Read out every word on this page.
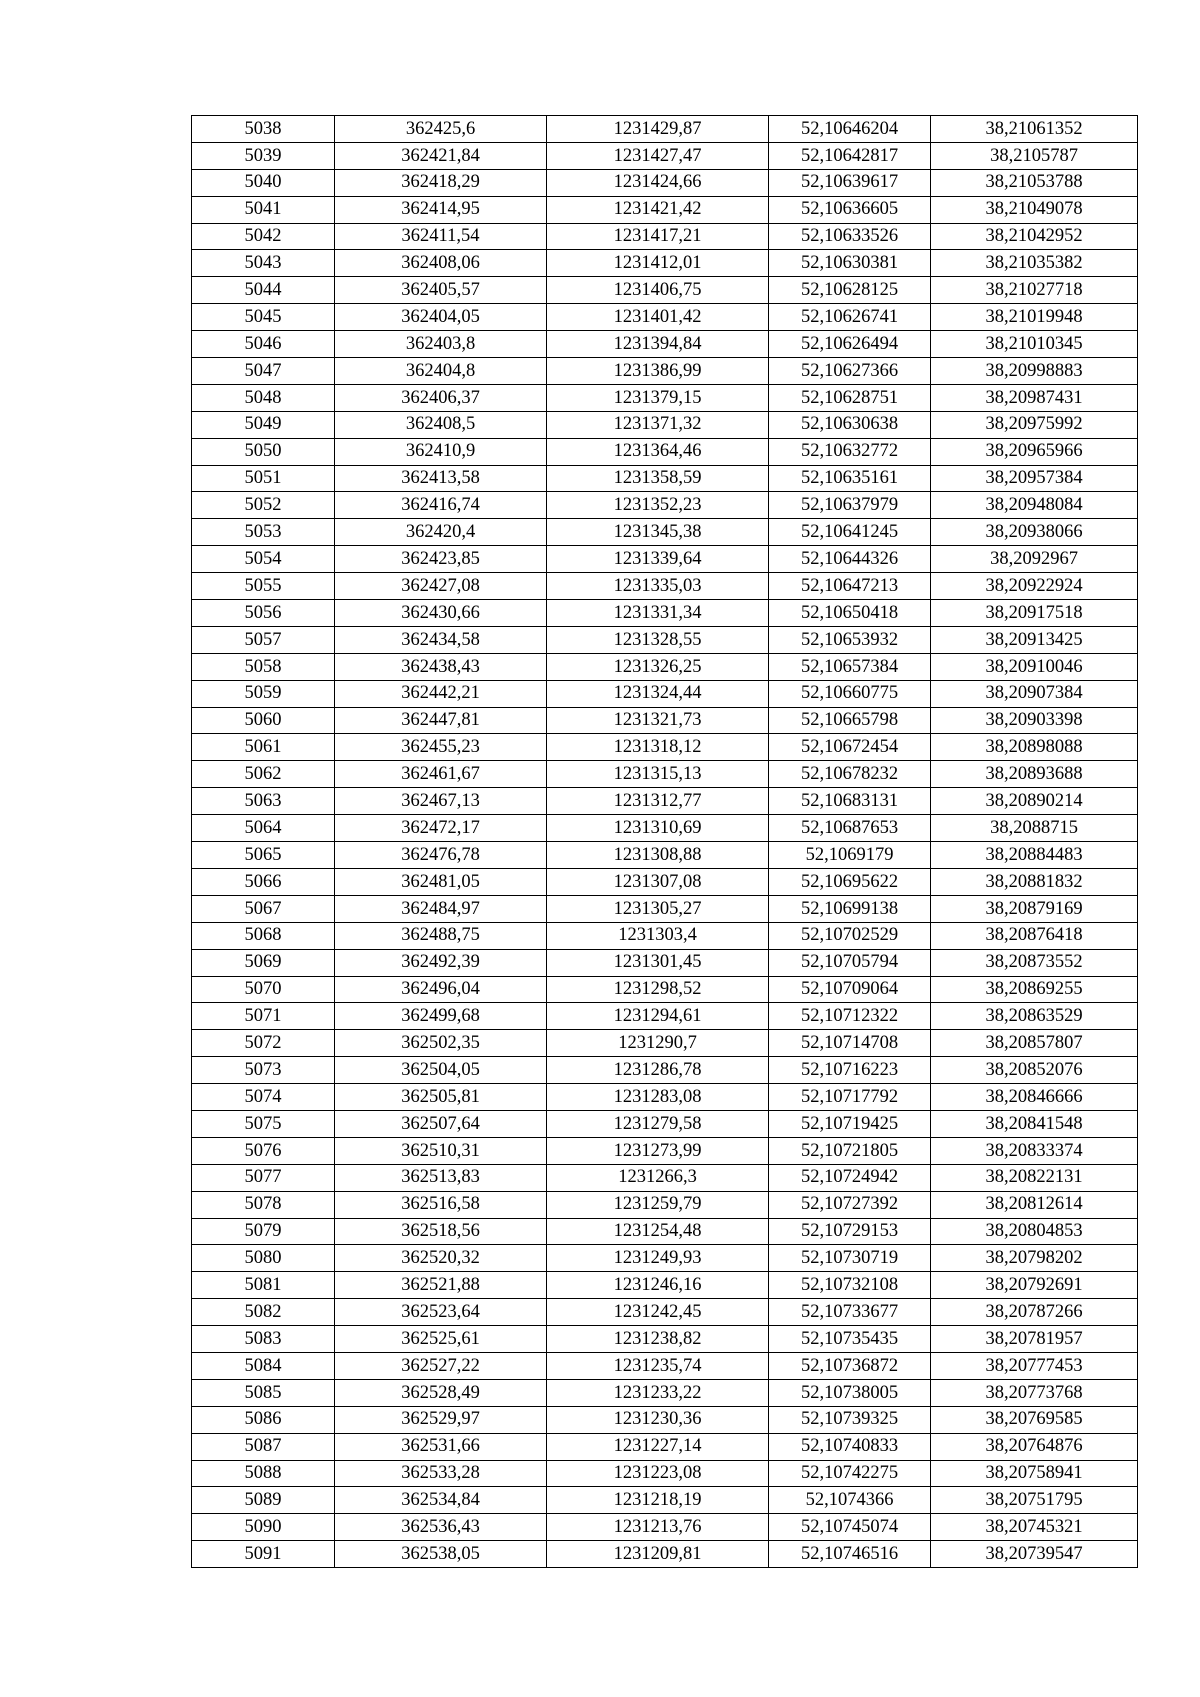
5038	362425,6	1231429,87	52,10646204	38,21061352
5039	362421,84	1231427,47	52,10642817	38,2105787
5040	362418,29	1231424,66	52,10639617	38,21053788
5041	362414,95	1231421,42	52,10636605	38,21049078
5042	362411,54	1231417,21	52,10633526	38,21042952
5043	362408,06	1231412,01	52,10630381	38,21035382
5044	362405,57	1231406,75	52,10628125	38,21027718
5045	362404,05	1231401,42	52,10626741	38,21019948
5046	362403,8	1231394,84	52,10626494	38,21010345
5047	362404,8	1231386,99	52,10627366	38,20998883
5048	362406,37	1231379,15	52,10628751	38,20987431
5049	362408,5	1231371,32	52,10630638	38,20975992
5050	362410,9	1231364,46	52,10632772	38,20965966
5051	362413,58	1231358,59	52,10635161	38,20957384
5052	362416,74	1231352,23	52,10637979	38,20948084
5053	362420,4	1231345,38	52,10641245	38,20938066
5054	362423,85	1231339,64	52,10644326	38,2092967
5055	362427,08	1231335,03	52,10647213	38,20922924
5056	362430,66	1231331,34	52,10650418	38,20917518
5057	362434,58	1231328,55	52,10653932	38,20913425
5058	362438,43	1231326,25	52,10657384	38,20910046
5059	362442,21	1231324,44	52,10660775	38,20907384
5060	362447,81	1231321,73	52,10665798	38,20903398
5061	362455,23	1231318,12	52,10672454	38,20898088
5062	362461,67	1231315,13	52,10678232	38,20893688
5063	362467,13	1231312,77	52,10683131	38,20890214
5064	362472,17	1231310,69	52,10687653	38,2088715
5065	362476,78	1231308,88	52,1069179	38,20884483
5066	362481,05	1231307,08	52,10695622	38,20881832
5067	362484,97	1231305,27	52,10699138	38,20879169
5068	362488,75	1231303,4	52,10702529	38,20876418
5069	362492,39	1231301,45	52,10705794	38,20873552
5070	362496,04	1231298,52	52,10709064	38,20869255
5071	362499,68	1231294,61	52,10712322	38,20863529
5072	362502,35	1231290,7	52,10714708	38,20857807
5073	362504,05	1231286,78	52,10716223	38,20852076
5074	362505,81	1231283,08	52,10717792	38,20846666
5075	362507,64	1231279,58	52,10719425	38,20841548
5076	362510,31	1231273,99	52,10721805	38,20833374
5077	362513,83	1231266,3	52,10724942	38,20822131
5078	362516,58	1231259,79	52,10727392	38,20812614
5079	362518,56	1231254,48	52,10729153	38,20804853
5080	362520,32	1231249,93	52,10730719	38,20798202
5081	362521,88	1231246,16	52,10732108	38,20792691
5082	362523,64	1231242,45	52,10733677	38,20787266
5083	362525,61	1231238,82	52,10735435	38,20781957
5084	362527,22	1231235,74	52,10736872	38,20777453
5085	362528,49	1231233,22	52,10738005	38,20773768
5086	362529,97	1231230,36	52,10739325	38,20769585
5087	362531,66	1231227,14	52,10740833	38,20764876
5088	362533,28	1231223,08	52,10742275	38,20758941
5089	362534,84	1231218,19	52,1074366	38,20751795
5090	362536,43	1231213,76	52,10745074	38,20745321
5091	362538,05	1231209,81	52,10746516	38,20739547
